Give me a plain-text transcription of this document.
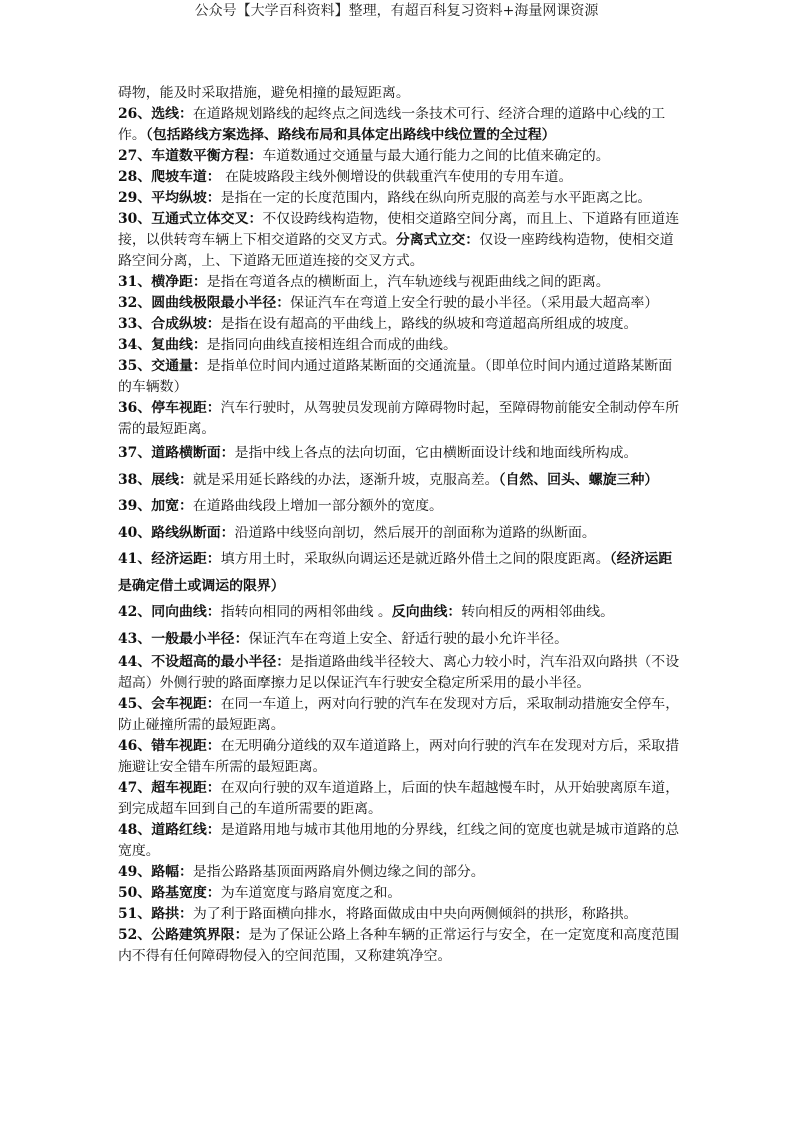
公众号【大学百科资料】整理，有超百科复习资料+海量网课资源

碍物，能及时采取措施，避免相撞的最短距离。

26、选线：在道路规划路线的起终点之间选线一条技术可行、经济合理的道路中心线的工作。（包括路线方案选择、路线布局和具体定出路线中线位置的全过程）

27、车道数平衡方程：车道数通过交通量与最大通行能力之间的比值来确定的。

28、爬坡车道： 在陡坡路段主线外侧增设的供载重汽车使用的专用车道。

29、平均纵坡：是指在一定的长度范围内，路线在纵向所克服的高差与水平距离之比。

30、互通式立体交叉：不仅设跨线构造物，使相交道路空间分离，而且上、下道路有匝道连接，以供转弯车辆上下相交道路的交叉方式。分离式立交：仅设一座跨线构造物，使相交道路空间分离，上、下道路无匝道连接的交叉方式。

31、横净距：是指在弯道各点的横断面上，汽车轨迹线与视距曲线之间的距离。

32、圆曲线极限最小半径：保证汽车在弯道上安全行驶的最小半径。（采用最大超高率）

33、合成纵坡：是指在设有超高的平曲线上，路线的纵坡和弯道超高所组成的坡度。

34、复曲线：是指同向曲线直接相连组合而成的曲线。

35、交通量：是指单位时间内通过道路某断面的交通流量。（即单位时间内通过道路某断面的车辆数）

36、停车视距：汽车行驶时，从驾驶员发现前方障碍物时起，至障碍物前能安全制动停车所需的最短距离。

37、道路横断面：是指中线上各点的法向切面，它由横断面设计线和地面线所构成。

38、展线：就是采用延长路线的办法，逐渐升坡，克服高差。（自然、回头、螺旋三种）

39、加宽：在道路曲线段上增加一部分额外的宽度。

40、路线纵断面：沿道路中线竖向剖切，然后展开的剖面称为道路的纵断面。

41、经济运距：填方用土时，采取纵向调运还是就近路外借土之间的限度距离。（经济运距是确定借土或调运的限界）

42、同向曲线：指转向相同的两相邻曲线 。反向曲线：转向相反的两相邻曲线。

43、一般最小半径：保证汽车在弯道上安全、舒适行驶的最小允许半径。

44、不设超高的最小半径：是指道路曲线半径较大、离心力较小时，汽车沿双向路拱（不设超高）外侧行驶的路面摩擦力足以保证汽车行驶安全稳定所采用的最小半径。

45、会车视距：在同一车道上，两对向行驶的汽车在发现对方后，采取制动措施安全停车，防止碰撞所需的最短距离。

46、错车视距：在无明确分道线的双车道道路上，两对向行驶的汽车在发现对方后，采取措施避让安全错车所需的最短距离。

47、超车视距：在双向行驶的双车道道路上，后面的快车超越慢车时，从开始驶离原车道，到完成超车回到自己的车道所需要的距离。

48、道路红线：是道路用地与城市其他用地的分界线，红线之间的宽度也就是城市道路的总宽度。

49、路幅：是指公路路基顶面两路肩外侧边缘之间的部分。

50、路基宽度：为车道宽度与路肩宽度之和。

51、路拱：为了利于路面横向排水，将路面做成由中央向两侧倾斜的拱形，称路拱。

52、公路建筑界限：是为了保证公路上各种车辆的正常运行与安全，在一定宽度和高度范围内不得有任何障碍物侵入的空间范围，又称建筑净空。
